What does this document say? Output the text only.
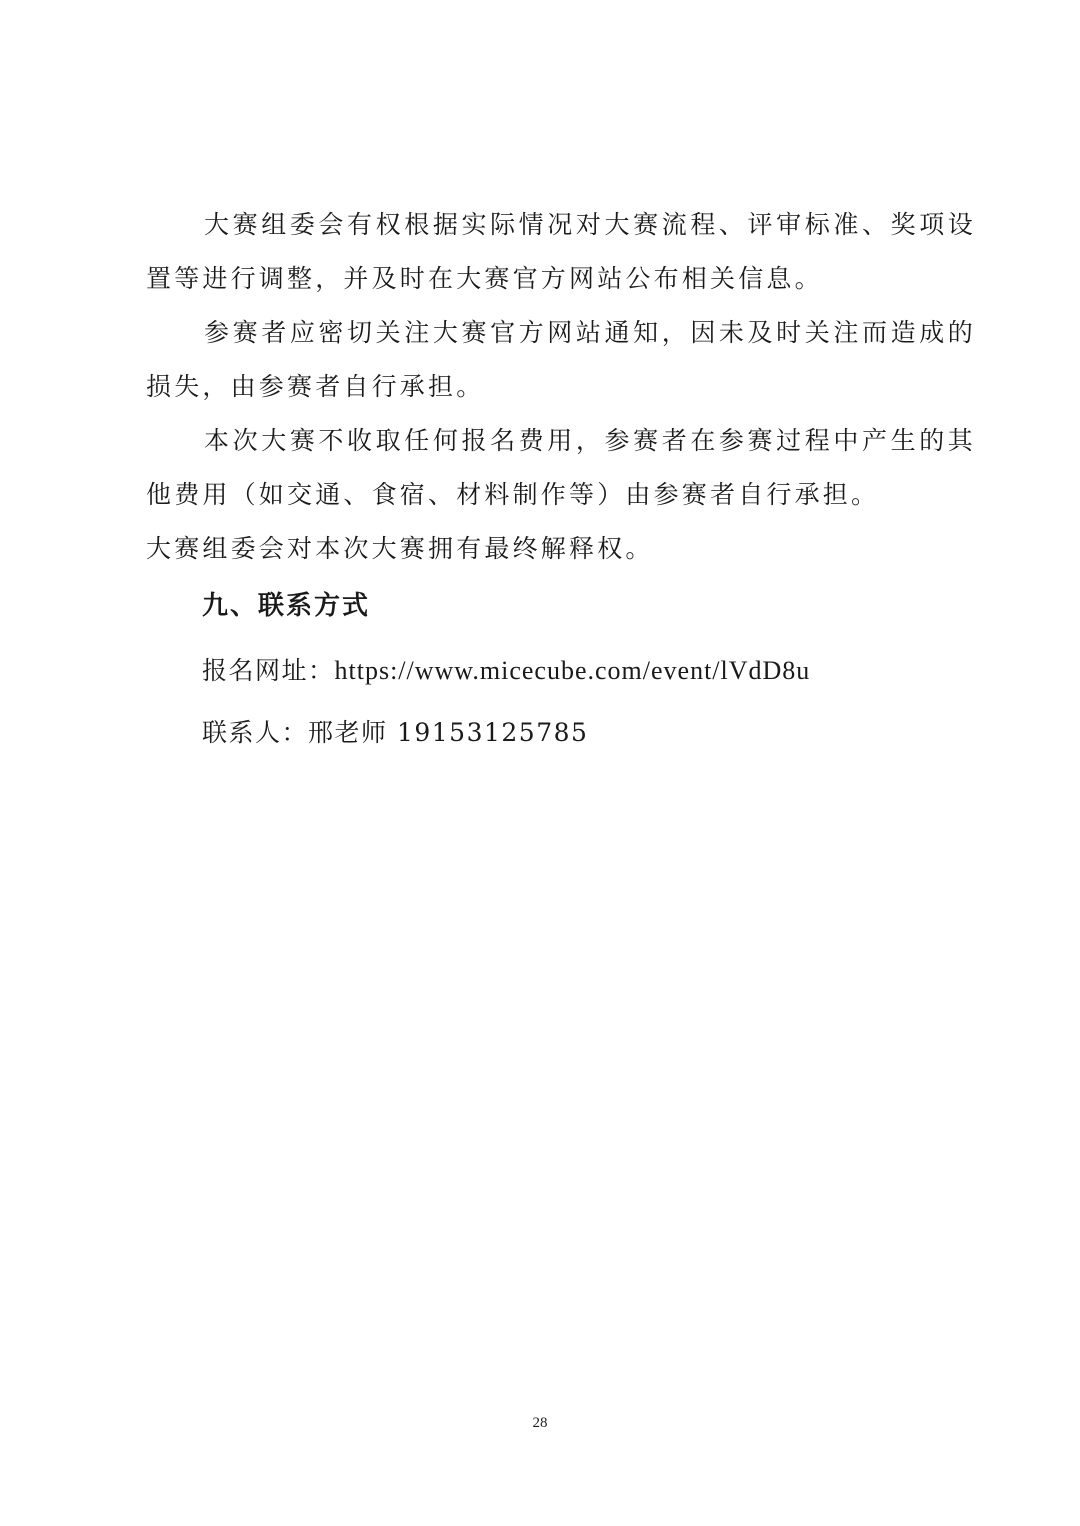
大赛组委会有权根据实际情况对大赛流程、评审标准、奖项设置等进行调整，并及时在大赛官方网站公布相关信息。

参赛者应密切关注大赛官方网站通知，因未及时关注而造成的损失，由参赛者自行承担。

本次大赛不收取任何报名费用，参赛者在参赛过程中产生的其他费用（如交通、食宿、材料制作等）由参赛者自行承担。

大赛组委会对本次大赛拥有最终解释权。

九、联系方式

报名网址：https://www.micecube.com/event/lVdD8u

联系人：邢老师 19153125785

28
